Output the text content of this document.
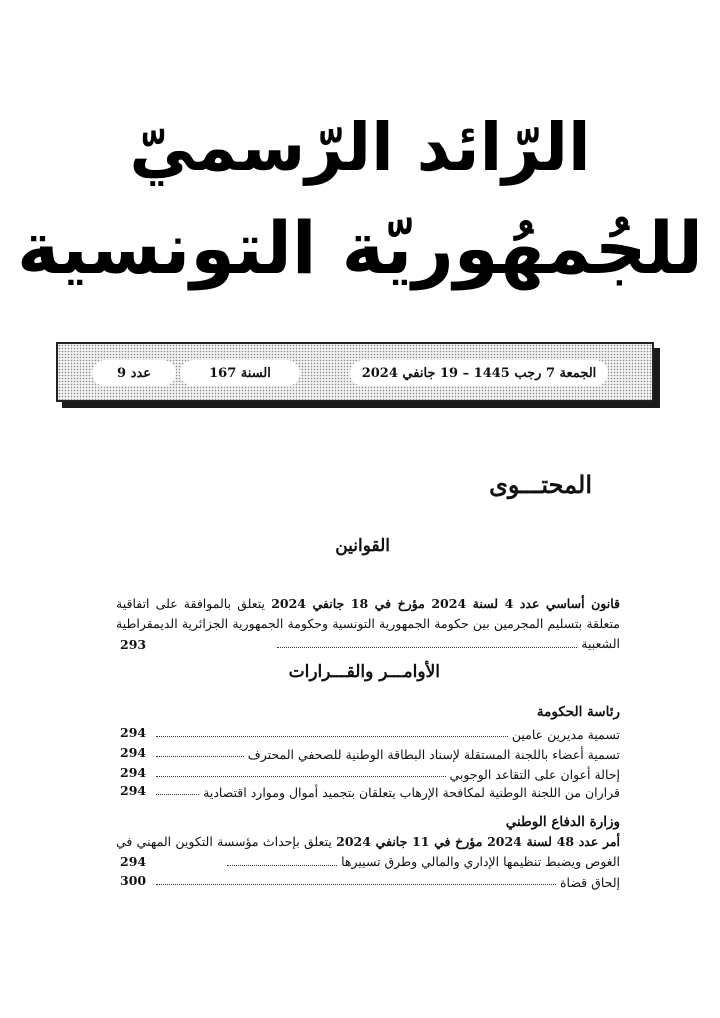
الرّائد الرّسميّ
للجُمهُوريّة التونسية
الجمعة 7 رجب 1445 – 19 جانفي 2024
السنة 167
عدد 9
المحتـــوى
القوانين
قانون أساسي عدد 4 لسنة 2024 مؤرخ في 18 جانفي 2024 يتعلق بالموافقة على اتفاقية متعلقة بتسليم المجرمين بين حكومة الجمهورية التونسية وحكومة الجمهورية الجزائرية الديمقراطية الشعبية
293
الأوامـــر والقـــرارات
رئاسة الحكومة
تسمية مديرين عامين
294
تسمية أعضاء باللجنة المستقلة لإسناد البطاقة الوطنية للصحفي المحترف
294
إحالة أعوان على التقاعد الوجوبي
294
قراران من اللجنة الوطنية لمكافحة الإرهاب يتعلقان بتجميد أموال وموارد اقتصادية
294
وزارة الدفاع الوطني
أمر عدد 48 لسنة 2024 مؤرخ في 11 جانفي 2024 يتعلق بإحداث مؤسسة التكوين المهني في الغوص ويضبط تنظيمها الإداري والمالي وطرق تسييرها
294
إلحاق قضاة
300
